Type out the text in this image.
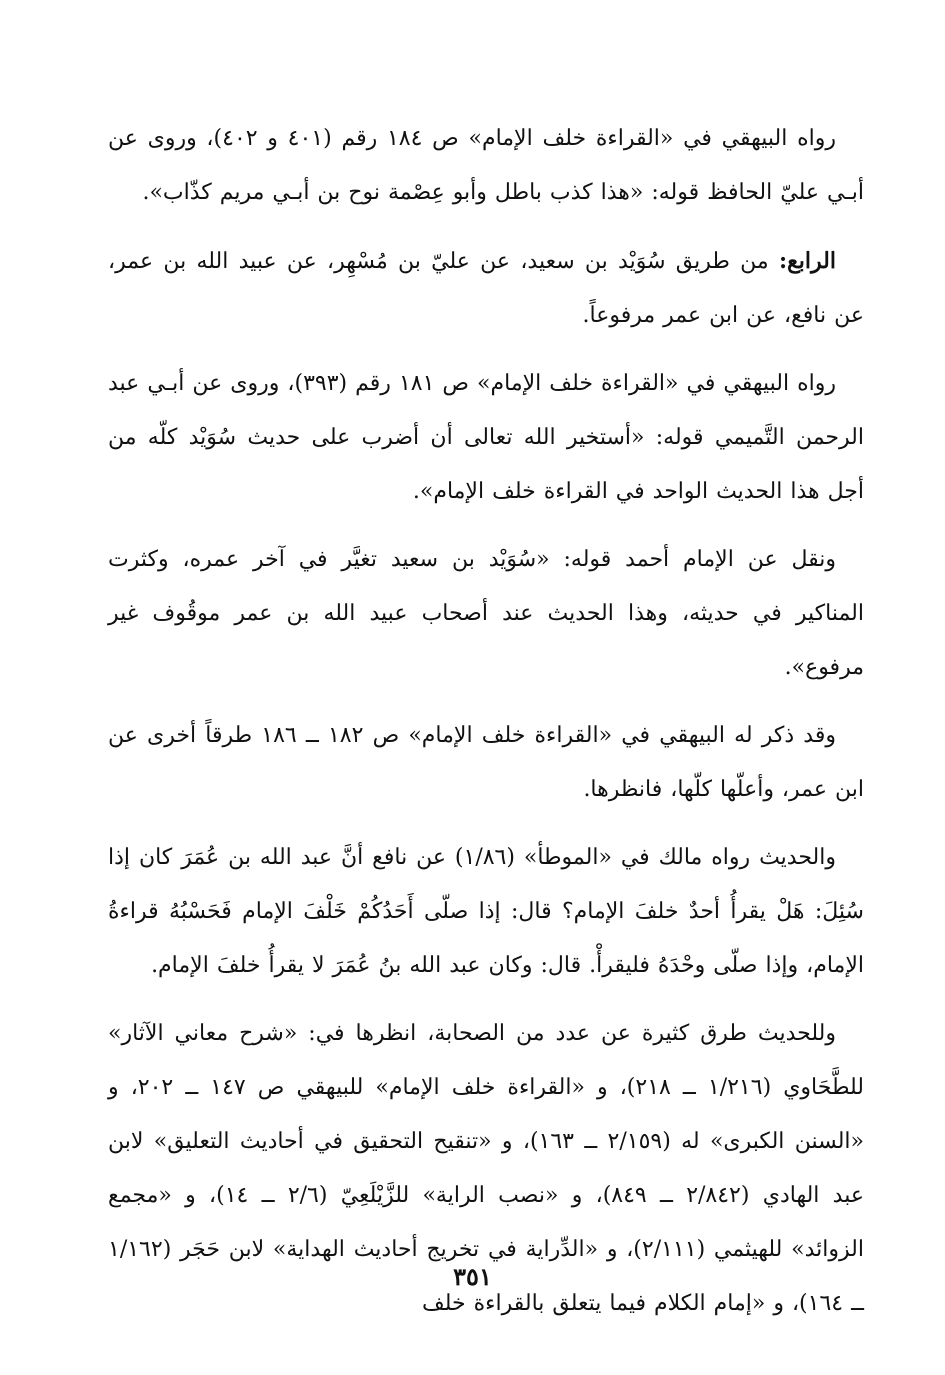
رواه البيهقي في «القراءة خلف الإمام» ص ١٨٤ رقم (٤٠١ و ٤٠٢)، وروى عن أبـي عليّ الحافظ قوله: «هذا كذب باطل وأبو عِصْمة نوح بن أبـي مريم كذّاب».

الرابع: من طريق سُوَيْد بن سعيد، عن عليّ بن مُسْهِر، عن عبيد الله بن عمر، عن نافع، عن ابن عمر مرفوعاً.

رواه البيهقي في «القراءة خلف الإمام» ص ١٨١ رقم (٣٩٣)، وروى عن أبـي عبد الرحمن التَّميمي قوله: «أستخير الله تعالى أن أضرب على حديث سُوَيْد كلّه من أجل هذا الحديث الواحد في القراءة خلف الإمام».

ونقل عن الإمام أحمد قوله: «سُوَيْد بن سعيد تغيَّر في آخر عمره، وكثرت المناكير في حديثه، وهذا الحديث عند أصحاب عبيد الله بن عمر موقُوف غير مرفوع».

وقد ذكر له البيهقي في «القراءة خلف الإمام» ص ١٨٢ ــ ١٨٦ طرقاً أخرى عن ابن عمر، وأعلّها كلّها، فانظرها.

والحديث رواه مالك في «الموطأ» (١/٨٦) عن نافع أنَّ عبد الله بن عُمَرَ كان إذا سُئِلَ: هَلْ يقرأُ أحدٌ خلفَ الإمام؟ قال: إذا صلّى أَحَدُكُمْ خَلْفَ الإمام فَحَسْبُهُ قراءةُ الإمام، وإذا صلّى وحْدَهُ فليقرأْ. قال: وكان عبد الله بنُ عُمَرَ لا يقرأُ خلفَ الإمام.

وللحديث طرق كثيرة عن عدد من الصحابة، انظرها في: «شرح معاني الآثار» للطَّحَاوي (١/٢١٦ ــ ٢١٨)، و «القراءة خلف الإمام» للبيهقي ص ١٤٧ ــ ٢٠٢، و «السنن الكبرى» له (٢/١٥٩ ــ ١٦٣)، و «تنقيح التحقيق في أحاديث التعليق» لابن عبد الهادي (٢/٨٤٢ ــ ٨٤٩)، و «نصب الراية» للزَّيْلَعِيّ (٢/٦ ــ ١٤)، و «مجمع الزوائد» للهيثمي (٢/١١١)، و «الدِّراية في تخريج أحاديث الهداية» لابن حَجَر (١/١٦٢ ــ ١٦٤)، و «إمام الكلام فيما يتعلق بالقراءة خلف

٣٥١
